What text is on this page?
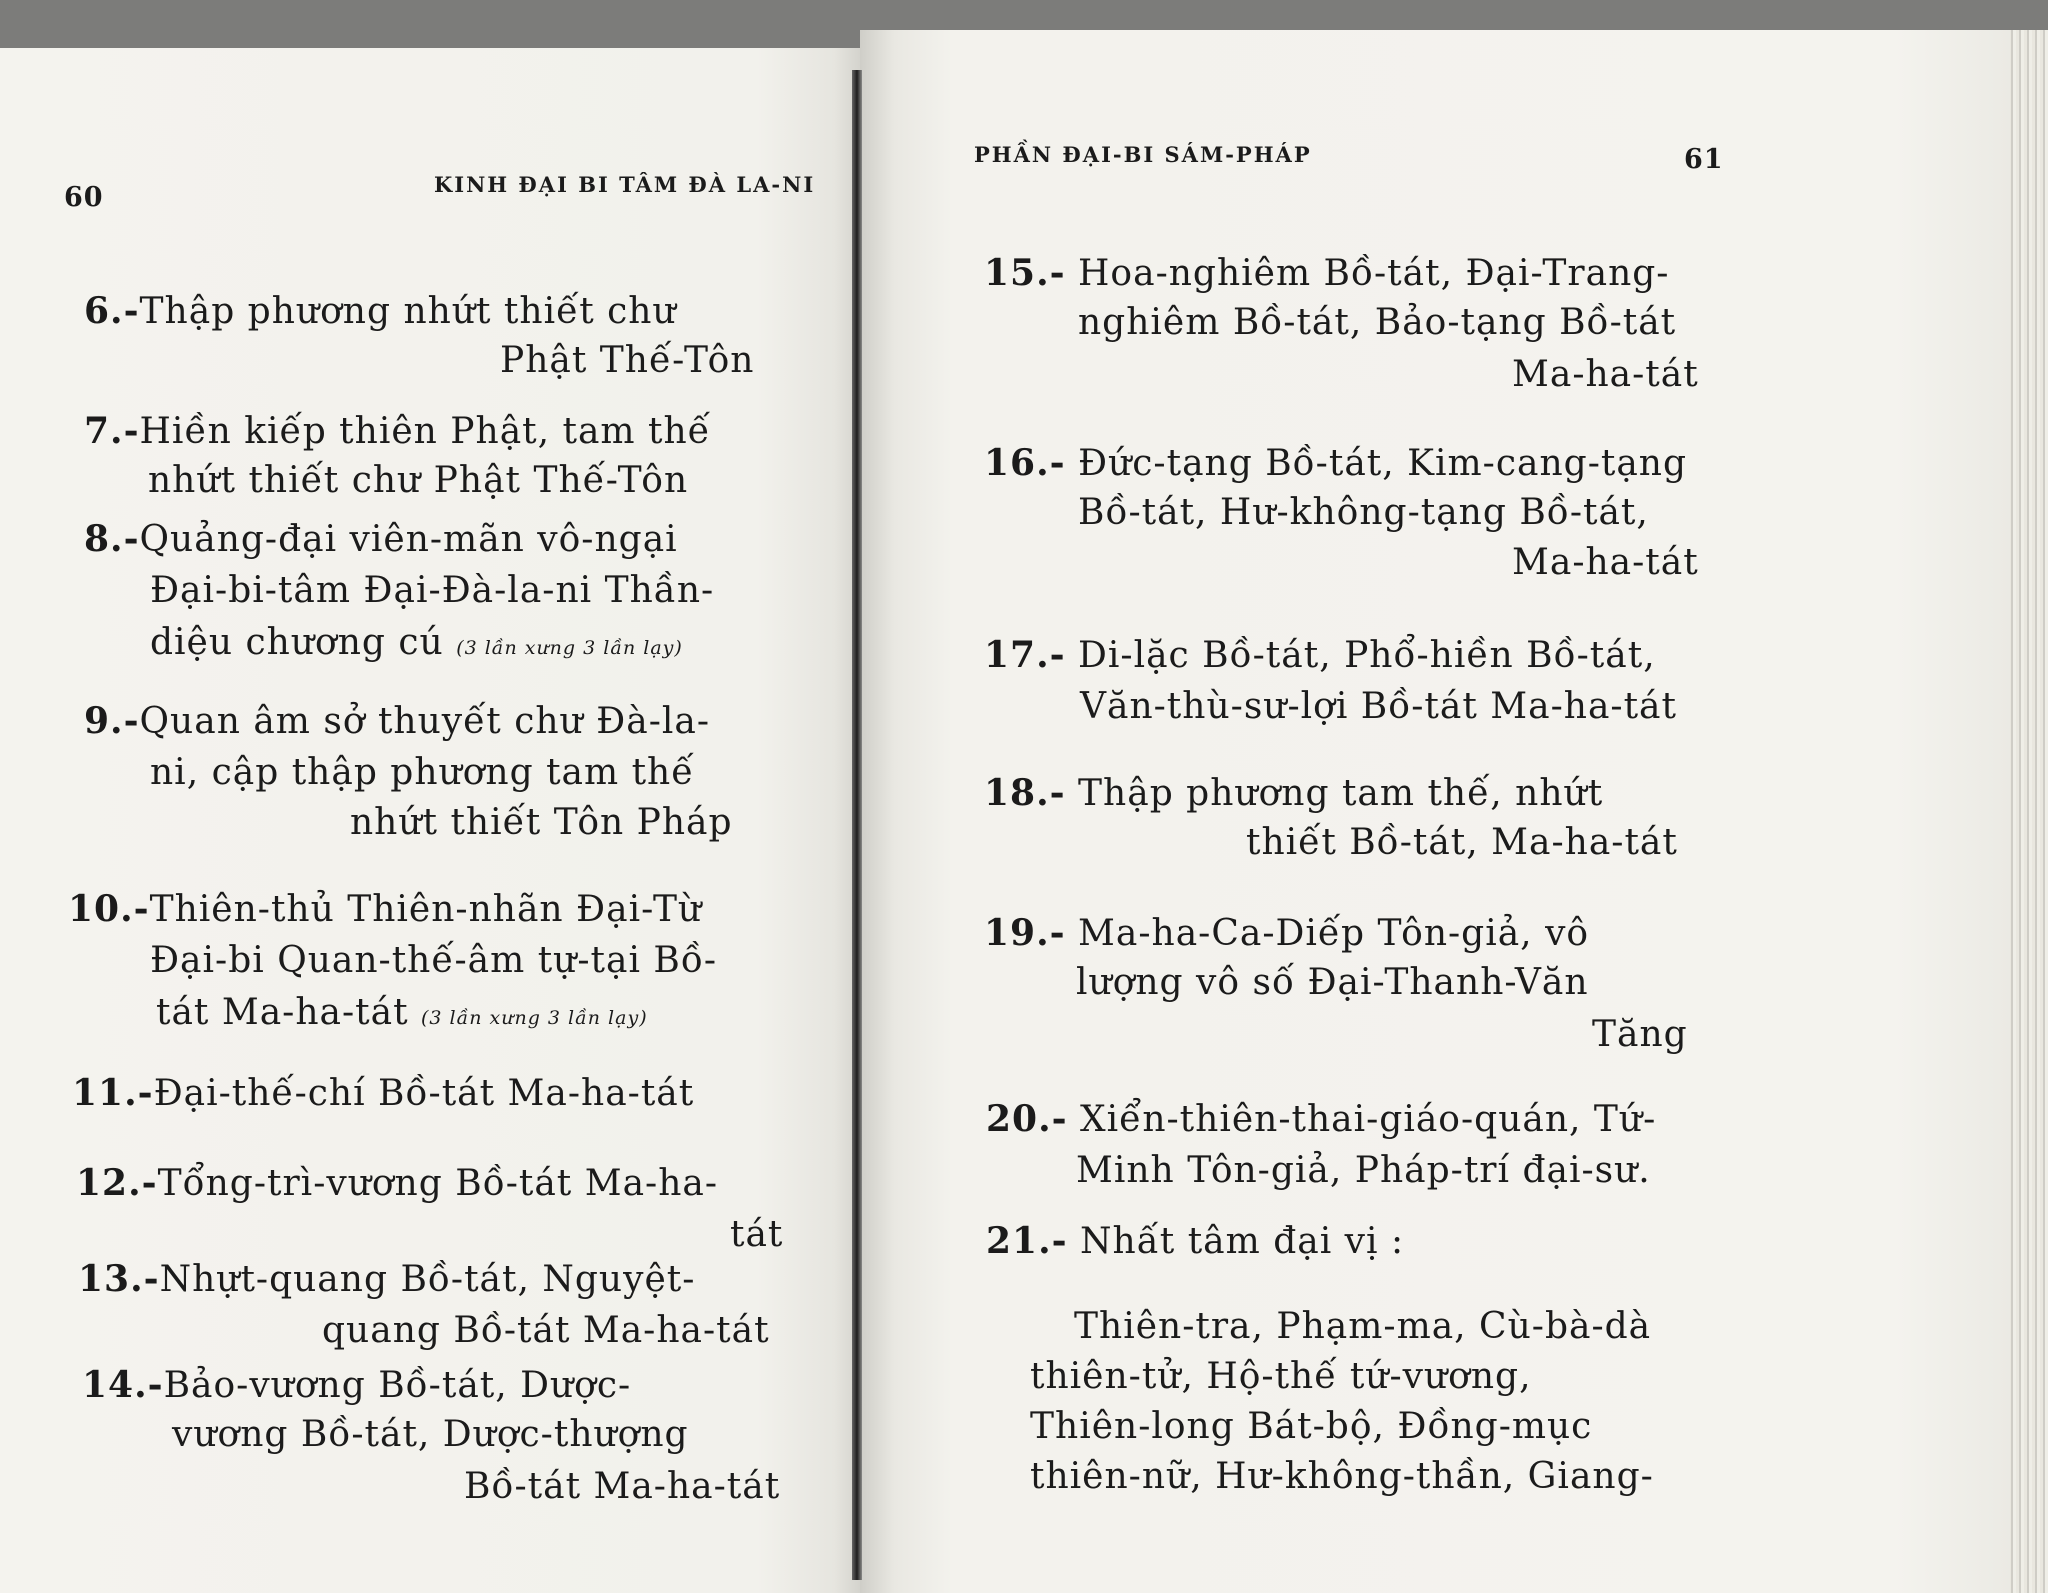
60	KINH ĐẠI BI TÂM ĐÀ LA-NI
6.-Thập phương nhứt thiết chư
Phật Thế-Tôn
7.-Hiền kiếp thiên Phật, tam thế
nhứt thiết chư Phật Thế-Tôn
8.-Quảng-đại viên-mãn vô-ngại
Đại-bi-tâm Đại-Đà-la-ni Thần-
diệu chương cú (3 lần xưng 3 lần lạy)
9.-Quan âm sở thuyết chư Đà-la-
ni, cập thập phương tam thế
nhứt thiết Tôn Pháp
10.-Thiên-thủ Thiên-nhãn Đại-Từ
Đại-bi Quan-thế-âm tự-tại Bồ-
tát Ma-ha-tát (3 lần xưng 3 lần lạy)
11.-Đại-thế-chí Bồ-tát Ma-ha-tát
12.-Tổng-trì-vương Bồ-tát Ma-ha-
tát
13.-Nhựt-quang Bồ-tát, Nguyệt-
quang Bồ-tát Ma-ha-tát
14.-Bảo-vương Bồ-tát, Dược-
vương Bồ-tát, Dược-thượng
Bồ-tát Ma-ha-tát
PHẦN ĐẠI-BI SÁM-PHÁP	61
15.- Hoa-nghiêm Bồ-tát, Đại-Trang-
nghiêm Bồ-tát, Bảo-tạng Bồ-tát
Ma-ha-tát
16.- Đức-tạng Bồ-tát, Kim-cang-tạng
Bồ-tát, Hư-không-tạng Bồ-tát,
Ma-ha-tát
17.- Di-lặc Bồ-tát, Phổ-hiền Bồ-tát,
Văn-thù-sư-lợi Bồ-tát Ma-ha-tát
18.- Thập phương tam thế, nhứt
thiết Bồ-tát, Ma-ha-tát
19.- Ma-ha-Ca-Diếp Tôn-giả, vô
lượng vô số Đại-Thanh-Văn
Tăng
20.- Xiển-thiên-thai-giáo-quán, Tứ-
Minh Tôn-giả, Pháp-trí đại-sư.
21.- Nhất tâm đại vị :
Thiên-tra, Phạm-ma, Cù-bà-dà
thiên-tử, Hộ-thế tứ-vương,
Thiên-long Bát-bộ, Đồng-mục
thiên-nữ, Hư-không-thần, Giang-
